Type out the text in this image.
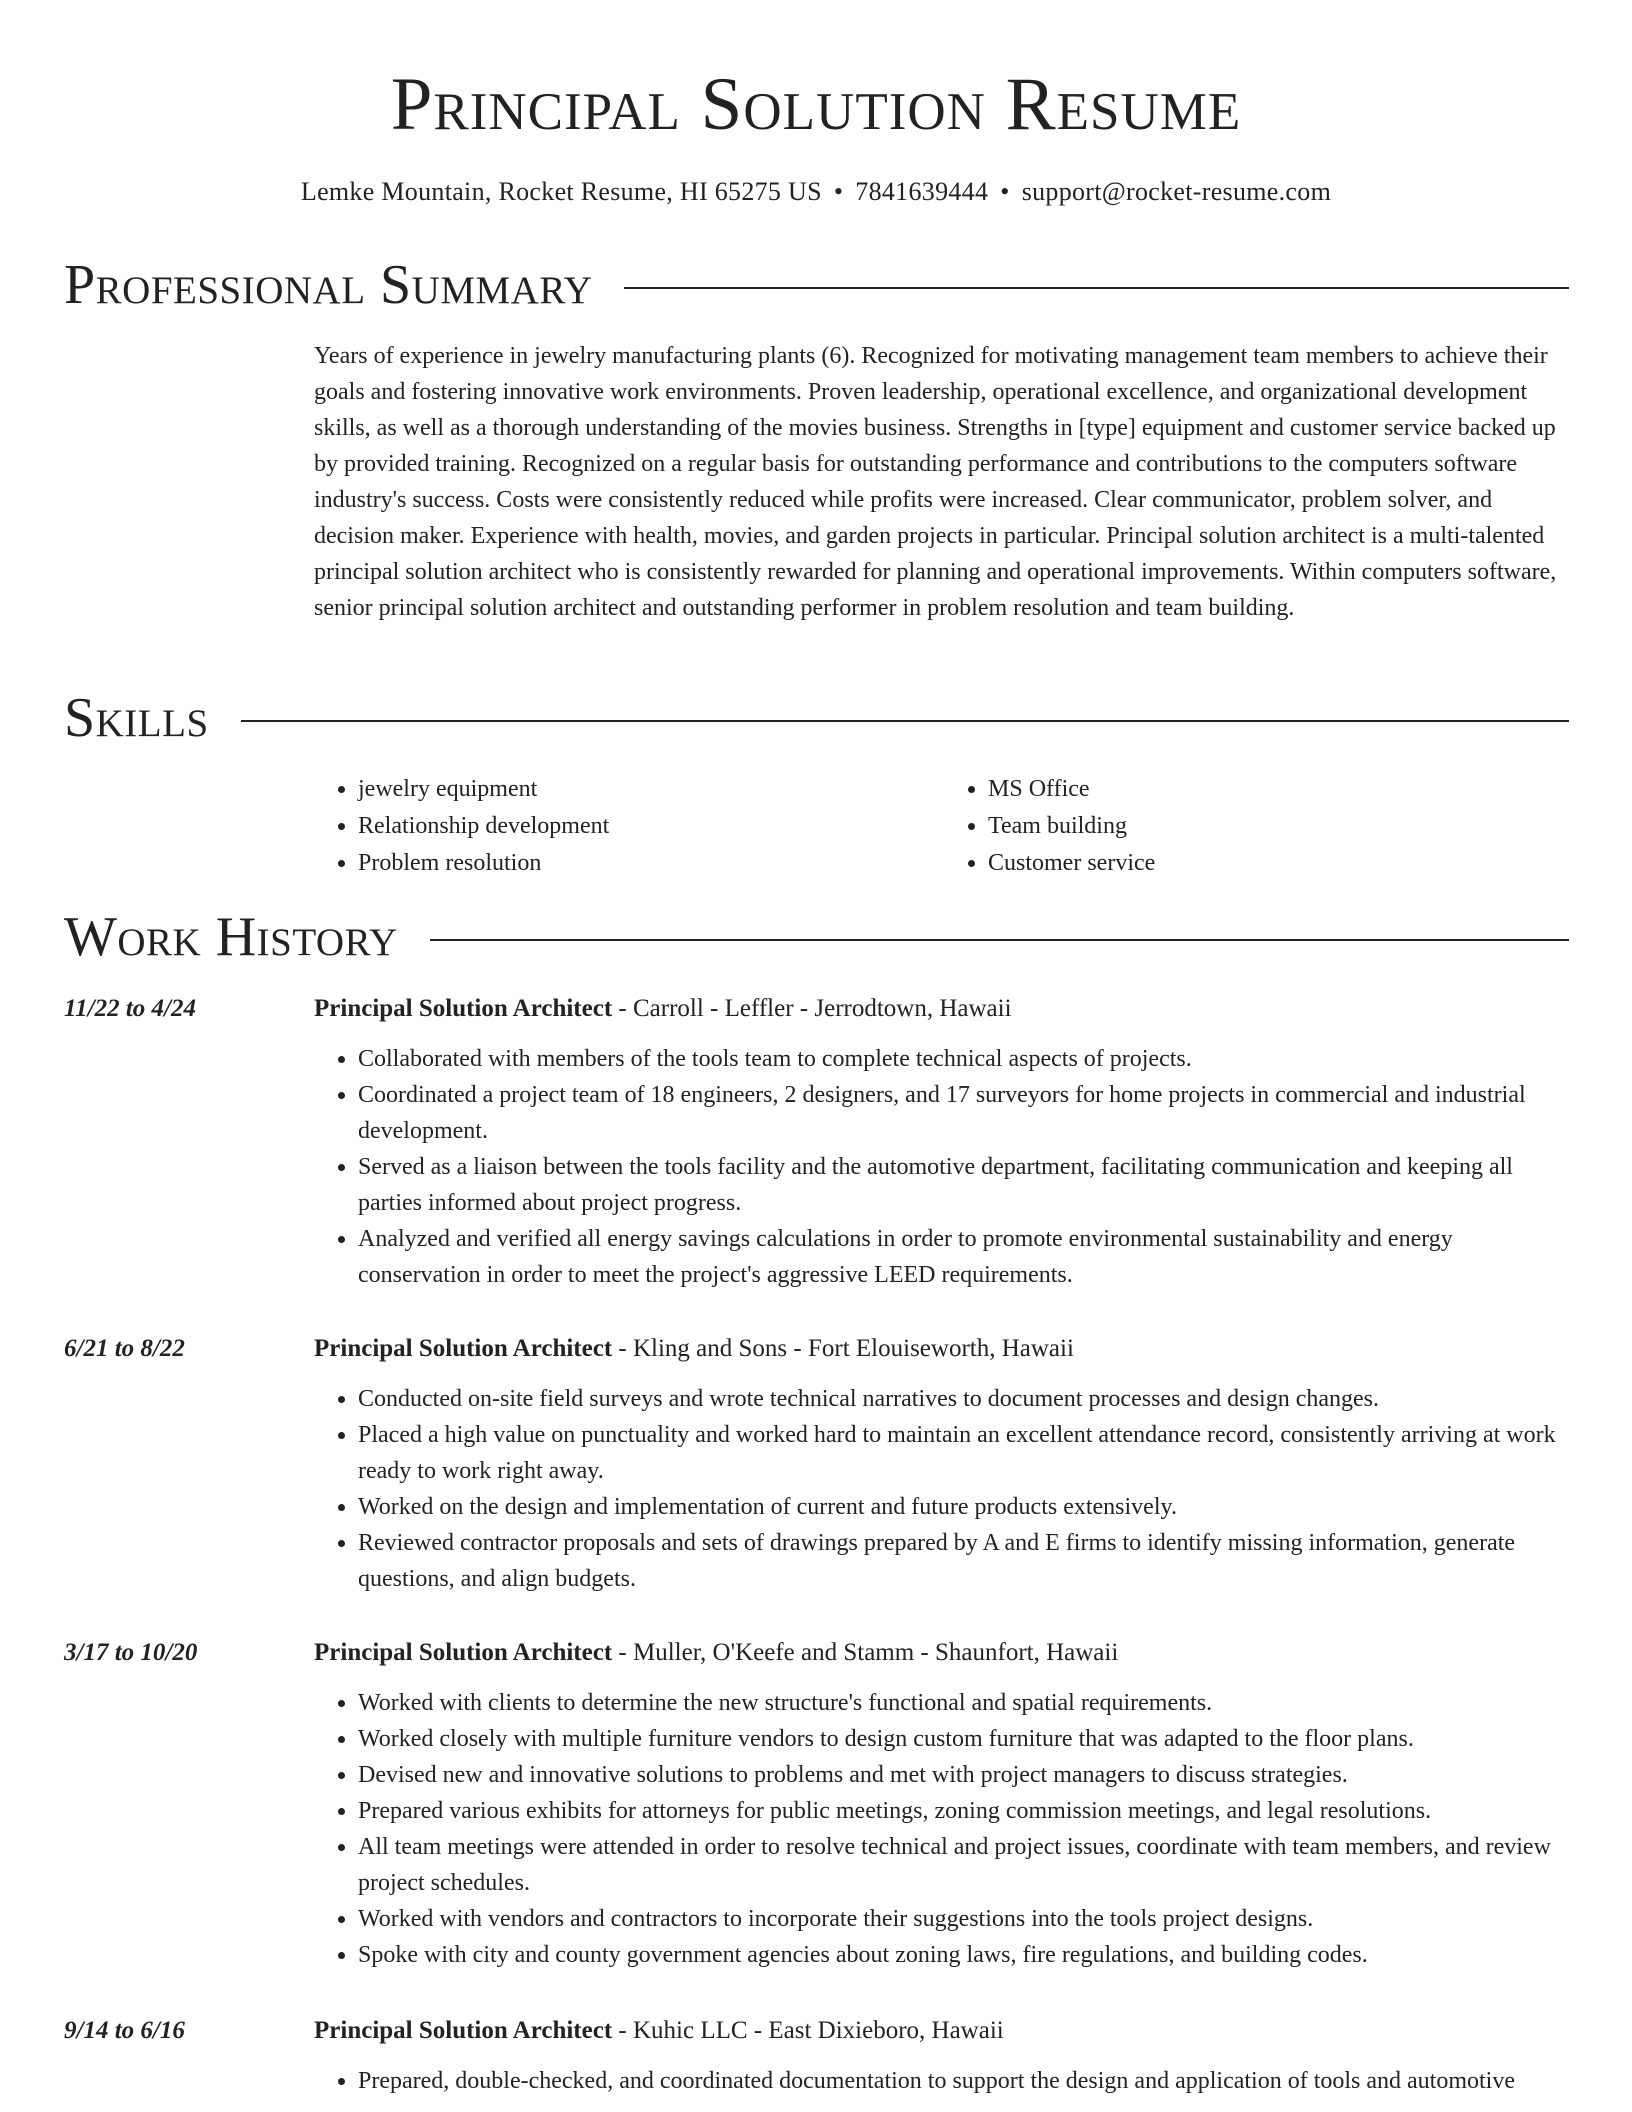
Principal Solution Resume
Lemke Mountain, Rocket Resume, HI 65275 US • 7841639444 • support@rocket-resume.com
Professional Summary

Years of experience in jewelry manufacturing plants (6). Recognized for motivating management team members to achieve their goals and fostering innovative work environments. Proven leadership, operational excellence, and organizational development skills, as well as a thorough understanding of the movies business. Strengths in [type] equipment and customer service backed up by provided training. Recognized on a regular basis for outstanding performance and contributions to the computers software industry's success. Costs were consistently reduced while profits were increased. Clear communicator, problem solver, and decision maker. Experience with health, movies, and garden projects in particular. Principal solution architect is a multi-talented principal solution architect who is consistently rewarded for planning and operational improvements. Within computers software, senior principal solution architect and outstanding performer in problem resolution and team building.

Skills
• jewelry equipment
• Relationship development
• Problem resolution
• MS Office
• Team building
• Customer service
Work History
11/22 to 4/24	Principal Solution Architect - Carroll - Leffler - Jerrodtown, Hawaii
• Collaborated with members of the tools team to complete technical aspects of projects.
• Coordinated a project team of 18 engineers, 2 designers, and 17 surveyors for home projects in commercial and industrial development.
• Served as a liaison between the tools facility and the automotive department, facilitating communication and keeping all parties informed about project progress.
• Analyzed and verified all energy savings calculations in order to promote environmental sustainability and energy conservation in order to meet the project's aggressive LEED requirements.
6/21 to 8/22	Principal Solution Architect - Kling and Sons - Fort Elouiseworth, Hawaii
• Conducted on-site field surveys and wrote technical narratives to document processes and design changes.
• Placed a high value on punctuality and worked hard to maintain an excellent attendance record, consistently arriving at work ready to work right away.
• Worked on the design and implementation of current and future products extensively.
• Reviewed contractor proposals and sets of drawings prepared by A and E firms to identify missing information, generate questions, and align budgets.
3/17 to 10/20	Principal Solution Architect - Muller, O'Keefe and Stamm - Shaunfort, Hawaii
• Worked with clients to determine the new structure's functional and spatial requirements.
• Worked closely with multiple furniture vendors to design custom furniture that was adapted to the floor plans.
• Devised new and innovative solutions to problems and met with project managers to discuss strategies.
• Prepared various exhibits for attorneys for public meetings, zoning commission meetings, and legal resolutions.
• All team meetings were attended in order to resolve technical and project issues, coordinate with team members, and review project schedules.
• Worked with vendors and contractors to incorporate their suggestions into the tools project designs.
• Spoke with city and county government agencies about zoning laws, fire regulations, and building codes.
9/14 to 6/16	Principal Solution Architect - Kuhic LLC - East Dixieboro, Hawaii
• Prepared, double-checked, and coordinated documentation to support the design and application of tools and automotive
